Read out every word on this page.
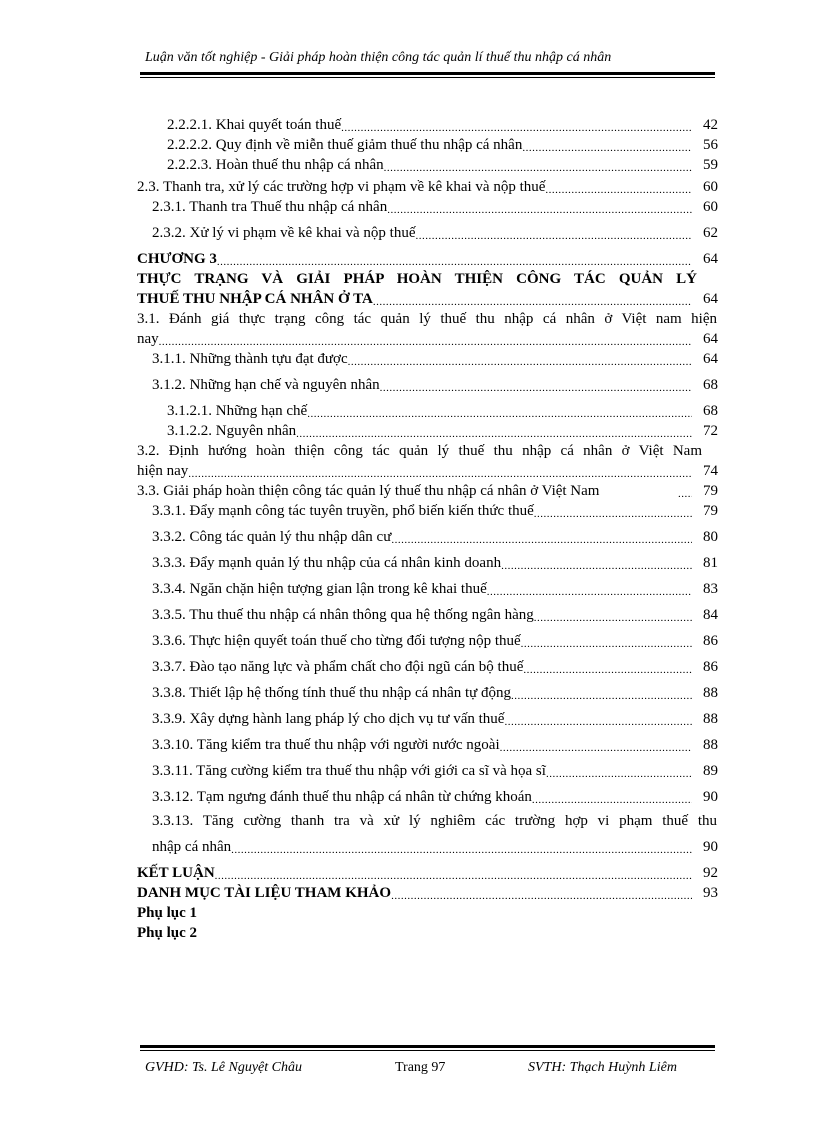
Luận văn tốt nghiệp - Giải pháp hoàn thiện công tác quản lí thuế thu nhập cá nhân
2.2.2.1. Khai quyết toán thuế .....	42
2.2.2.2. Quy định về miễn thuế giảm thuế thu nhập cá nhân .....	56
2.2.2.3. Hoàn thuế thu nhập cá nhân .....	59
2.3. Thanh tra, xử lý các trường hợp vi phạm về kê khai và nộp thuế .....	60
2.3.1. Thanh tra Thuế thu nhập cá nhân .....	60
2.3.2. Xử lý vi phạm về kê khai và nộp thuế .....	62
CHƯƠNG 3 .....	64
THỰC TRẠNG VÀ GIẢI PHÁP HOÀN THIỆN CÔNG TÁC QUẢN LÝ
THUẾ THU NHẬP CÁ NHÂN Ở TA .....	64
3.1. Đánh giá thực trạng công tác quản lý thuế thu nhập cá nhân ở Việt nam hiện
nay .....	64
3.1.1. Những thành tựu đạt được .....	64
3.1.2. Những hạn chế và nguyên nhân .....	68
3.1.2.1. Những hạn chế .....	68
3.1.2.2. Nguyên nhân .....	72
3.2. Định hướng hoàn thiện công tác quản lý thuế thu nhập cá nhân ở Việt Nam
hiện nay .....	74
3.3. Giải pháp hoàn thiện công tác quản lý thuế thu nhập cá nhân ở Việt Nam .....	79
3.3.1. Đẩy mạnh công tác tuyên truyền, phổ biến kiến thức thuế .....	79
3.3.2. Công tác quản lý thu nhập dân cư .....	80
3.3.3. Đẩy mạnh quản lý thu nhập của cá nhân kinh doanh .....	81
3.3.4. Ngăn chặn hiện tượng gian lận trong kê khai thuế .....	83
3.3.5. Thu thuế thu nhập cá nhân thông qua hệ thống ngân hàng .....	84
3.3.6. Thực hiện quyết toán thuế cho từng đối tượng nộp thuế .....	86
3.3.7. Đào tạo năng lực và phẩm chất cho đội ngũ cán bộ thuế .....	86
3.3.8. Thiết lập hệ thống tính thuế thu nhập cá nhân tự động .....	88
3.3.9. Xây dựng hành lang pháp lý cho dịch vụ tư vấn thuế .....	88
3.3.10. Tăng kiểm tra thuế thu nhập với người nước ngoài .....	88
3.3.11. Tăng cường kiểm tra thuế thu nhập với giới ca sĩ và họa sĩ .....	89
3.3.12. Tạm ngưng đánh thuế thu nhập cá nhân từ chứng khoán .....	90
3.3.13. Tăng cường thanh tra và xử lý nghiêm các trường hợp vi phạm thuế thu
nhập cá nhân .....	90
KẾT LUẬN .....	92
DANH MỤC TÀI LIỆU THAM KHẢO .....	93
Phụ lục 1
Phụ lục 2
GVHD: Ts. Lê Nguyệt Châu	Trang 97	SVTH: Thạch Huỳnh Liêm
